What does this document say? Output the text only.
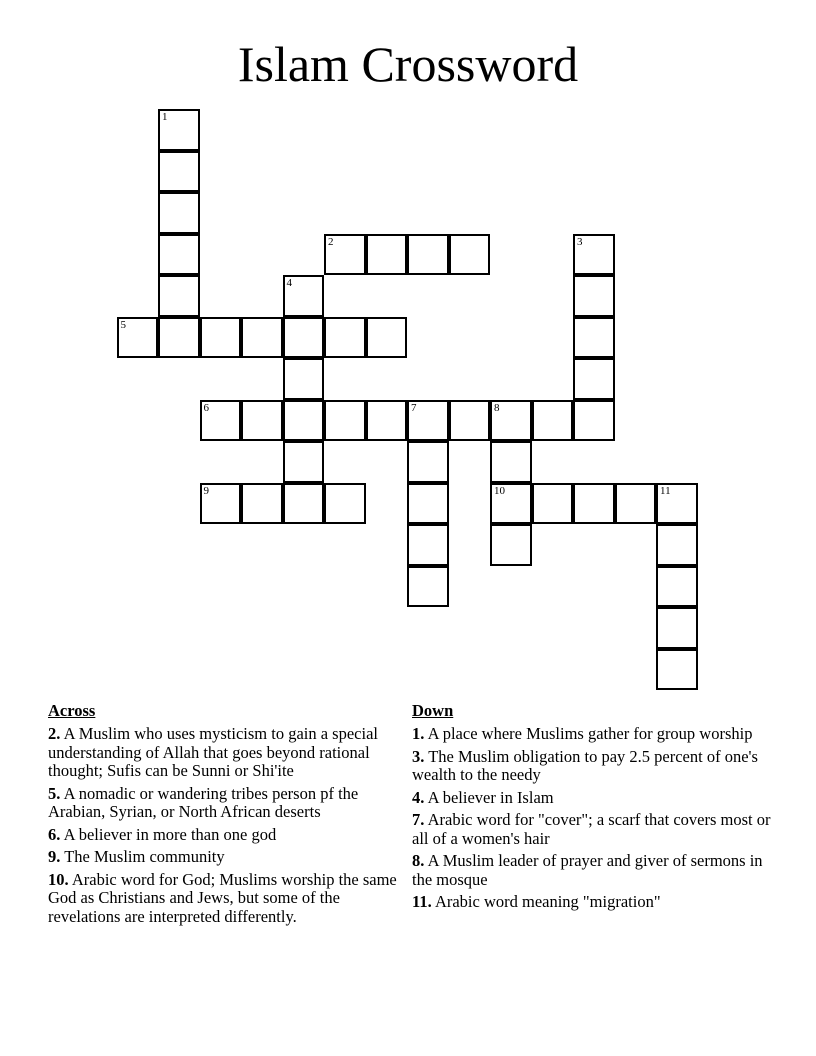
Islam Crossword
1
2	3
4
5
6	7	8
10
9	11
Across
2. A Muslim who uses mysticism to gain a special understanding of Allah that goes beyond rational thought; Sufis can be Sunni or Shi'ite
5. A nomadic or wandering tribes person pf the Arabian, Syrian, or North African deserts
6. A believer in more than one god
9. The Muslim community
10. Arabic word for God; Muslims worship the same God as Christians and Jews, but some of the revelations are interpreted differently.
Down
1. A place where Muslims gather for group worship
3. The Muslim obligation to pay 2.5 percent of one's wealth to the needy
4. A believer in Islam
7. Arabic word for "cover"; a scarf that covers most or all of a women's hair
8. A Muslim leader of prayer and giver of sermons in the mosque
11. Arabic word meaning "migration"
